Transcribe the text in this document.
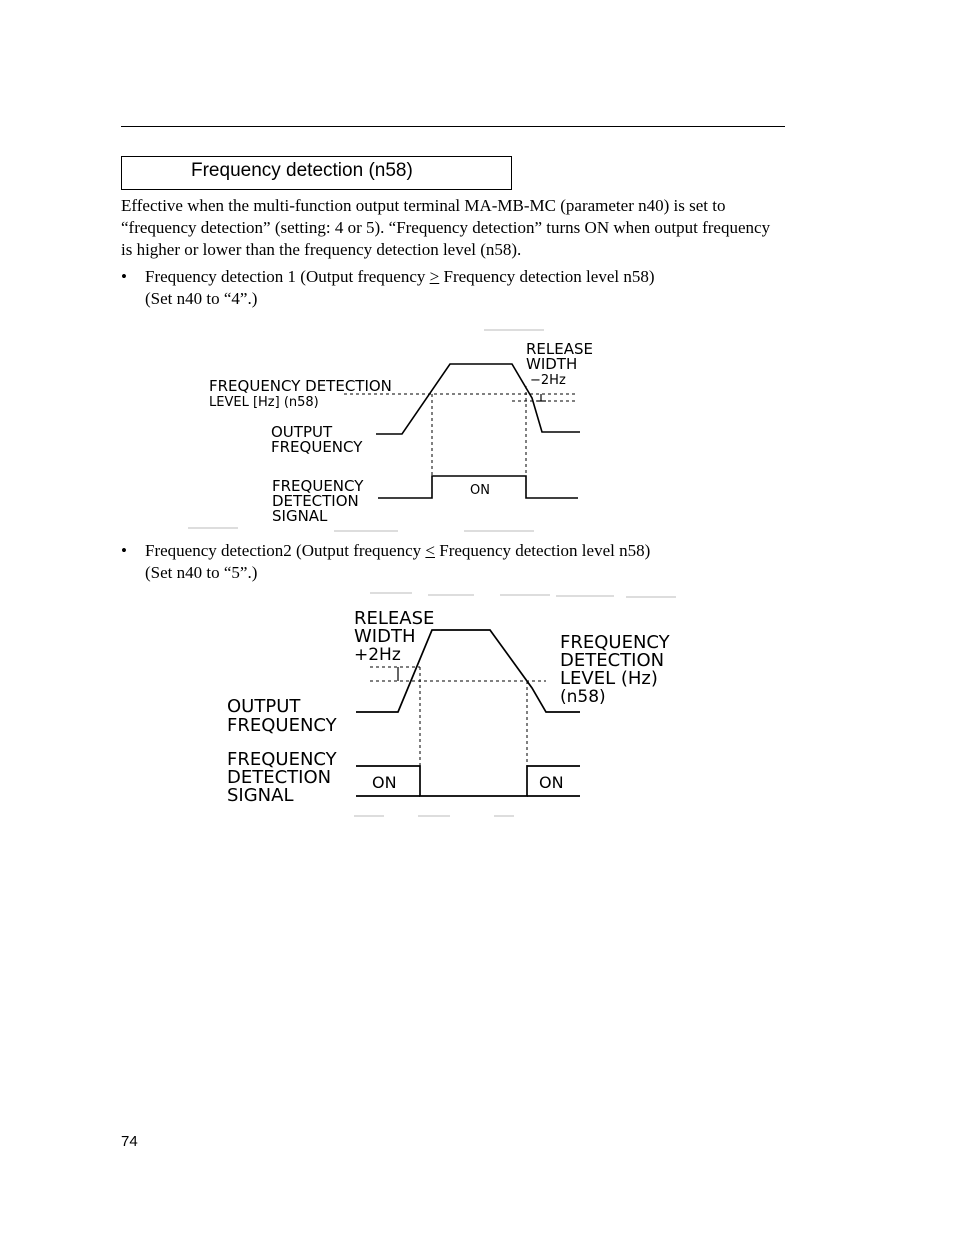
Frequency detection (n58)

Effective when the multi-function output terminal MA-MB-MC (parameter n40) is set to “frequency detection” (setting: 4 or 5). “Frequency detection” turns ON when output frequency is higher or lower than the frequency detection level (n58).

• Frequency detection 1 (Output frequency > Frequency detection level n58)
(Set n40 to “4”.)
RELEASE
WIDTH
−2Hz
FREQUENCY DETECTION
LEVEL [Hz] (n58)
OUTPUT
FREQUENCY
FREQUENCY
DETECTION
SIGNAL
ON
• Frequency detection2 (Output frequency < Frequency detection level n58)
(Set n40 to “5”.)
RELEASE
WIDTH
+2Hz
FREQUENCY
DETECTION
LEVEL (Hz)
(n58)
OUTPUT
FREQUENCY
FREQUENCY
DETECTION
SIGNAL
ON	ON
74
